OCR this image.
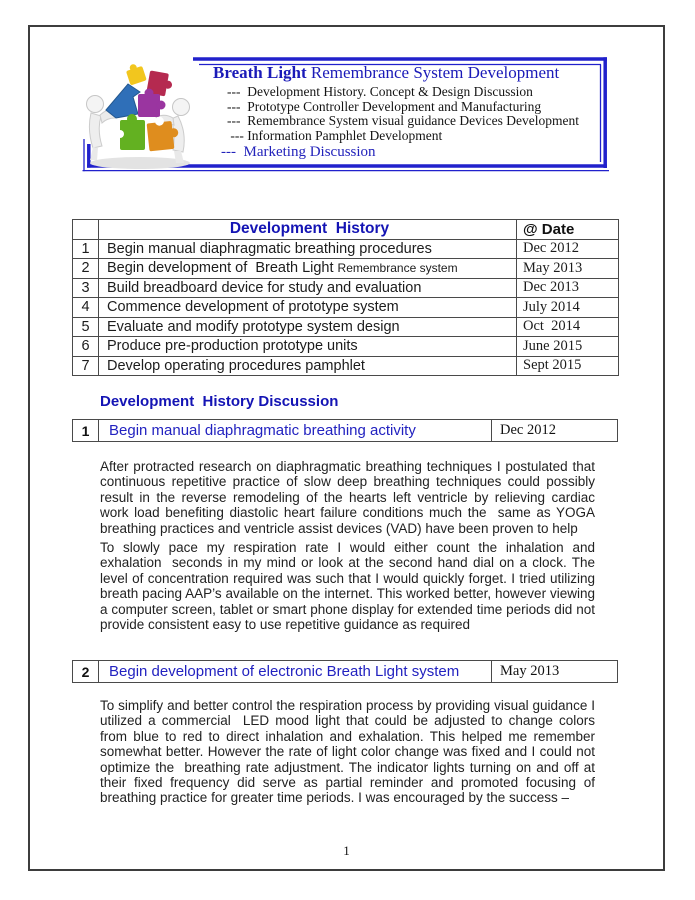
Breath Light Remembrance System Development
---  Development History. Concept & Design Discussion
---  Prototype Controller Development and Manufacturing
---  Remembrance System visual guidance Devices Development
--- Information Pamphlet Development
---  Marketing Discussion
	Development  History	@ Date
1	Begin manual diaphragmatic breathing procedures	Dec 2012
2	Begin development of  Breath Light Remembrance system	May 2013
3	Build breadboard device for study and evaluation	Dec 2013
4	Commence development of prototype system	July 2014
5	Evaluate and modify prototype system design	Oct  2014
6	Produce pre-production prototype units	June 2015
7	Develop operating procedures pamphlet	Sept 2015
Development  History Discussion
1	Begin manual diaphragmatic breathing activity	Dec 2012

After protracted research on diaphragmatic breathing techniques I postulated that continuous repetitive practice of slow deep breathing techniques could possibly result in the reverse remodeling of the hearts left ventricle by relieving cardiac work load benefiting diastolic heart failure conditions much the  same as YOGA breathing practices and ventricle assist devices (VAD) have been proven to help

To slowly pace my respiration rate I would either count the inhalation and exhalation  seconds in my mind or look at the second hand dial on a clock. The level of concentration required was such that I would quickly forget. I tried utilizing breath pacing AAP’s available on the internet. This worked better, however viewing a computer screen, tablet or smart phone display for extended time periods did not provide consistent easy to use repetitive guidance as required

2	Begin development of electronic Breath Light system	May 2013

To simplify and better control the respiration process by providing visual guidance I utilized a commercial  LED mood light that could be adjusted to change colors from blue to red to direct inhalation and exhalation. This helped me remember somewhat better. However the rate of light color change was fixed and I could not optimize the  breathing rate adjustment. The indicator lights turning on and off at their fixed frequency did serve as partial reminder and promoted focusing of breathing practice for greater time periods. I was encouraged by the success –

1
